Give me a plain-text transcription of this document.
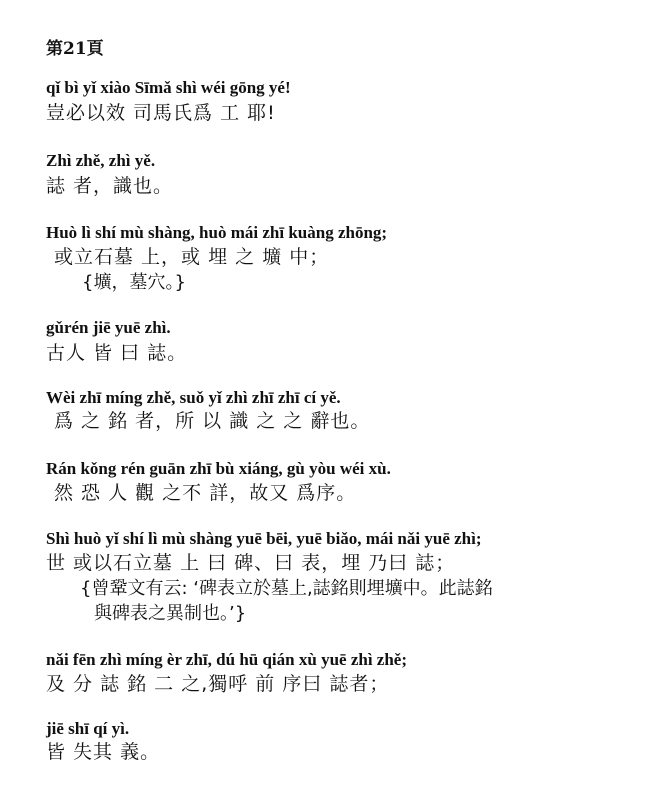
第21頁
qǐ bì yǐ xiào Sīmǎ shì wéi gōng yé!
豈必以效 司馬氏爲 工 耶!
Zhì zhě, zhì yě.
誌 者，識也。
Huò lì shí mù shàng, huò mái zhī kuàng zhōng;
或立石墓 上，或 埋 之 壙 中；
{壙，墓穴。}
gǔrén jiē yuē zhì.
古人 皆 曰 誌。
Wèi zhī míng zhě, suǒ yǐ zhì zhī zhī cí yě.
爲 之 銘 者，所 以 識 之 之 辭也。
Rán kǒng rén guān zhī bù xiáng, gù yòu wéi xù.
然 恐 人 觀 之不 詳，故又 爲序。
Shì huò yǐ shí lì mù shàng yuē bēi, yuē biǎo, mái nǎi yuē zhì;
世 或以石立墓 上 曰 碑、曰 表，埋 乃曰 誌；
{曾鞏文有云: ‘碑表立於墓上,誌銘則埋壙中。此誌銘
與碑表之異制也。’}
nǎi fēn zhì míng èr zhī, dú hū qián xù yuē zhì zhě;
及 分 誌 銘 二 之,獨呼 前 序曰 誌者；
jiē shī qí yì.
皆 失其 義。
